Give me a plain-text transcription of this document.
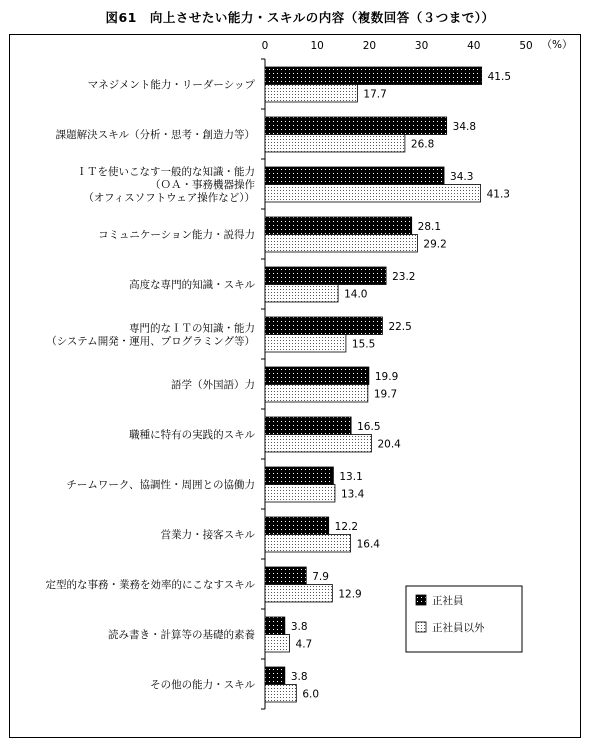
図61　向上させたい能力・スキルの内容（複数回答（３つまで））
0	10	20	30	40	50 （%）
マネジメント能力・リーダーシップ
課題解決スキル（分析・思考・創造力等）
ＩＴを使いこなす一般的な知識・能力
（ＯＡ・事務機器操作
（オフィスソフトウェア操作など））
コミュニケーション能力・説得力
高度な専門的知識・スキル
専門的なＩＴの知識・能力
（システム開発・運用、プログラミング等）
語学（外国語）力
職種に特有の実践的スキル
チームワーク、協調性・周囲との協働力
営業力・接客スキル
定型的な事務・業務を効率的にこなすスキル
読み書き・計算等の基礎的素養
その他の能力・スキル
41.5
34.8
34.3
28.1
23.2
22.5
19.9
16.5
13.1
12.2
7.9
3.8
3.8
17.7
26.8
41.3
29.2
14.0
15.5
19.7
20.4
13.4
16.4
12.9
4.7
6.0
正社員
正社員以外
